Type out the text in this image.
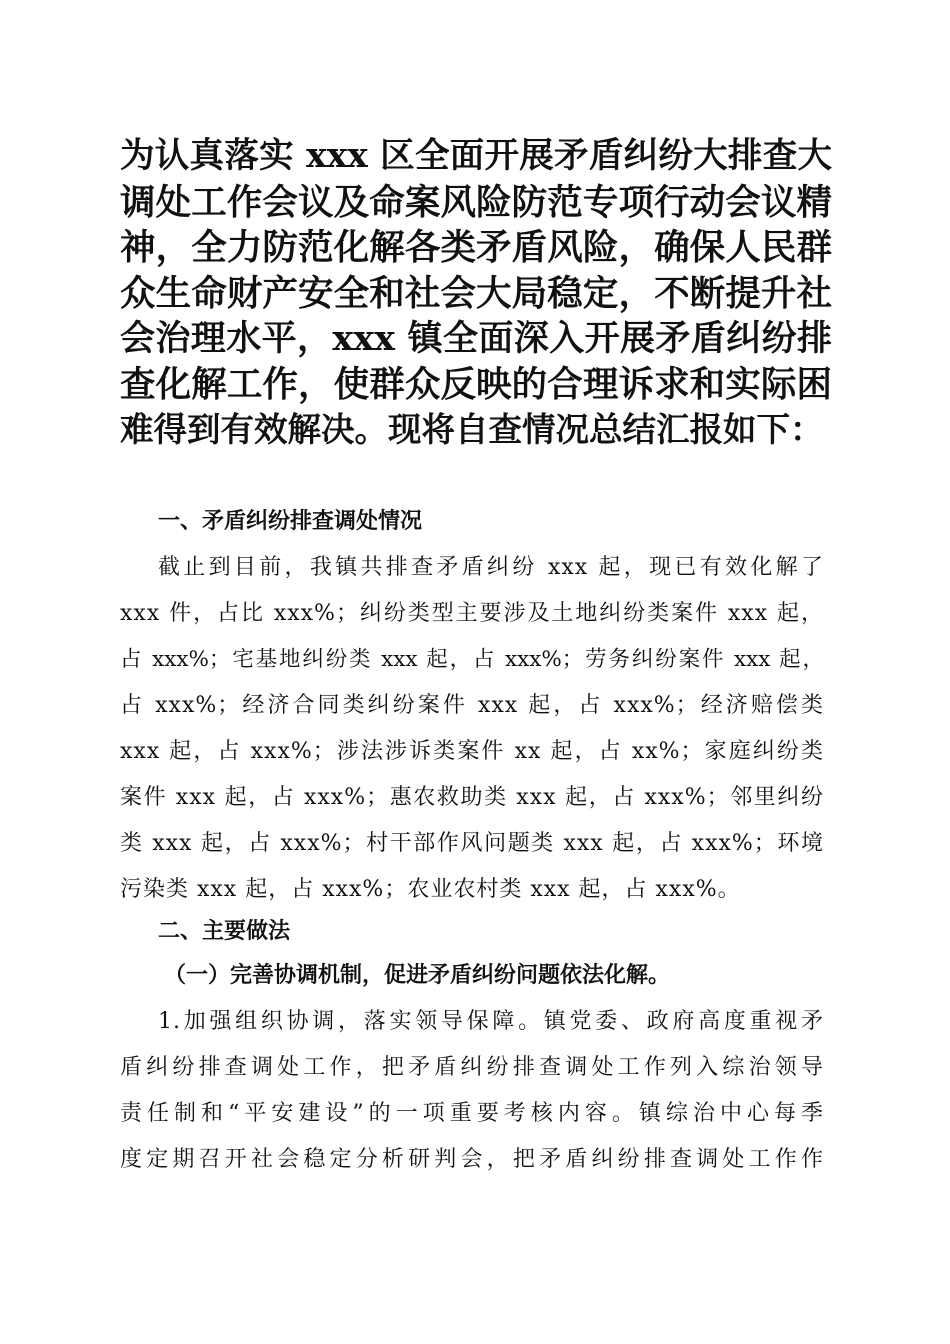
为认真落实 xxx 区全面开展矛盾纠纷大排查大
调处工作会议及命案风险防范专项行动会议精
神，全力防范化解各类矛盾风险，确保人民群
众生命财产安全和社会大局稳定，不断提升社
会治理水平，xxx 镇全面深入开展矛盾纠纷排
查化解工作，使群众反映的合理诉求和实际困
难得到有效解决。现将自查情况总结汇报如下：
一、矛盾纠纷排查调处情况
截止到目前，我镇共排查矛盾纠纷 xxx 起，现已有效化解了
xxx 件，占比 xxx%；纠纷类型主要涉及土地纠纷类案件 xxx 起，
占 xxx%；宅基地纠纷类 xxx 起，占 xxx%；劳务纠纷案件 xxx 起，
占 xxx%；经济合同类纠纷案件 xxx 起，占 xxx%；经济赔偿类
xxx 起，占 xxx%；涉法涉诉类案件 xx 起，占 xx%；家庭纠纷类
案件 xxx 起，占 xxx%；惠农救助类 xxx 起，占 xxx%；邻里纠纷
类 xxx 起，占 xxx%；村干部作风问题类 xxx 起，占 xxx%；环境
污染类 xxx 起，占 xxx%；农业农村类 xxx 起，占 xxx%。
二、主要做法
（一）完善协调机制，促进矛盾纠纷问题依法化解。
1.加强组织协调，落实领导保障。镇党委、政府高度重视矛
盾纠纷排查调处工作，把矛盾纠纷排查调处工作列入综治领导
责任制和“平安建设”的一项重要考核内容。镇综治中心每季
度定期召开社会稳定分析研判会，把矛盾纠纷排查调处工作作
